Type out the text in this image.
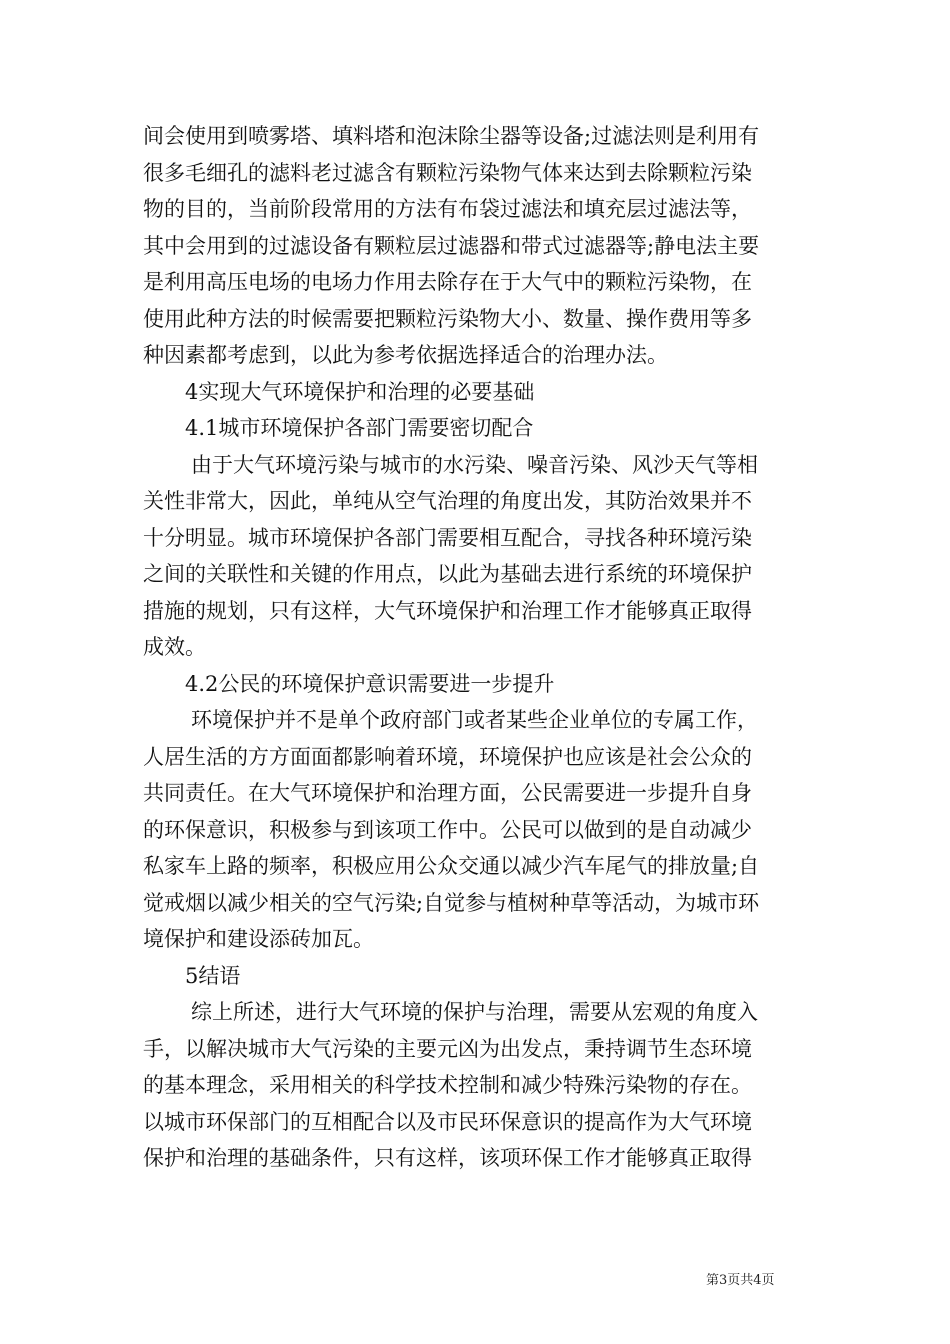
间会使用到喷雾塔、填料塔和泡沫除尘器等设备;过滤法则是利用有
很多毛细孔的滤料老过滤含有颗粒污染物气体来达到去除颗粒污染
物的目的，当前阶段常用的方法有布袋过滤法和填充层过滤法等，
其中会用到的过滤设备有颗粒层过滤器和带式过滤器等;静电法主要
是利用高压电场的电场力作用去除存在于大气中的颗粒污染物，在
使用此种方法的时候需要把颗粒污染物大小、数量、操作费用等多
种因素都考虑到，以此为参考依据选择适合的治理办法。
4实现大气环境保护和治理的必要基础
4.1城市环境保护各部门需要密切配合
由于大气环境污染与城市的水污染、噪音污染、风沙天气等相
关性非常大，因此，单纯从空气治理的角度出发，其防治效果并不
十分明显。城市环境保护各部门需要相互配合，寻找各种环境污染
之间的关联性和关键的作用点，以此为基础去进行系统的环境保护
措施的规划，只有这样，大气环境保护和治理工作才能够真正取得
成效。
4.2公民的环境保护意识需要进一步提升
环境保护并不是单个政府部门或者某些企业单位的专属工作，
人居生活的方方面面都影响着环境，环境保护也应该是社会公众的
共同责任。在大气环境保护和治理方面，公民需要进一步提升自身
的环保意识，积极参与到该项工作中。公民可以做到的是自动减少
私家车上路的频率，积极应用公众交通以减少汽车尾气的排放量;自
觉戒烟以减少相关的空气污染;自觉参与植树种草等活动，为城市环
境保护和建设添砖加瓦。
5结语
综上所述，进行大气环境的保护与治理，需要从宏观的角度入
手，以解决城市大气污染的主要元凶为出发点，秉持调节生态环境
的基本理念，采用相关的科学技术控制和减少特殊污染物的存在。
以城市环保部门的互相配合以及市民环保意识的提高作为大气环境
保护和治理的基础条件，只有这样，该项环保工作才能够真正取得
第3页共4页
